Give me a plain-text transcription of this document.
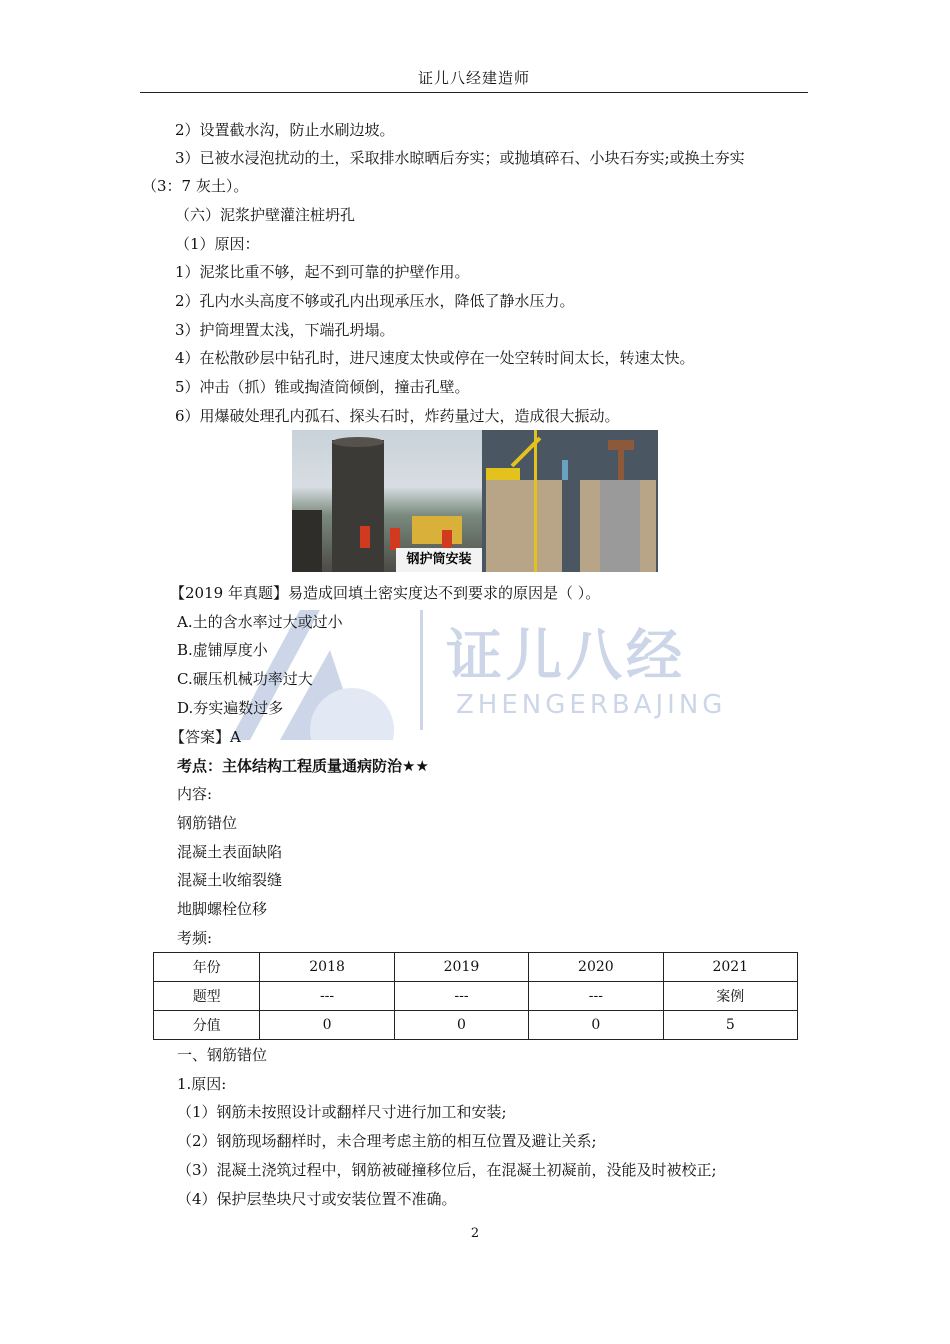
证儿八经建造师
2）设置截水沟，防止水刷边坡。
3）已被水浸泡扰动的土，采取排水晾晒后夯实；或抛填碎石、小块石夯实;或换土夯实
（3：7 灰土）。
（六）泥浆护壁灌注桩坍孔
（1）原因：
1）泥浆比重不够，起不到可靠的护壁作用。
2）孔内水头高度不够或孔内出现承压水，降低了静水压力。
3）护筒埋置太浅，下端孔坍塌。
4）在松散砂层中钻孔时，进尺速度太快或停在一处空转时间太长，转速太快。
5）冲击（抓）锥或掏渣筒倾倒，撞击孔壁。
6）用爆破处理孔内孤石、探头石时，炸药量过大，造成很大振动。
钢护筒安装
证儿八经
ZHENGERBAJING
【2019 年真题】易造成回填土密实度达不到要求的原因是（ ）。
A.土的含水率过大或过小
B.虚铺厚度小
C.碾压机械功率过大
D.夯实遍数过多
【答案】A
考点：主体结构工程质量通病防治★★
内容:
钢筋错位
混凝土表面缺陷
混凝土收缩裂缝
地脚螺栓位移
考频:
年份	2018	2019	2020	2021
题型	---	---	---	案例
分值	0	0	0	5
一、钢筋错位
1.原因:
（1）钢筋未按照设计或翻样尺寸进行加工和安装;
（2）钢筋现场翻样时，未合理考虑主筋的相互位置及避让关系;
（3）混凝土浇筑过程中，钢筋被碰撞移位后，在混凝土初凝前，没能及时被校正;
（4）保护层垫块尺寸或安装位置不准确。
2
